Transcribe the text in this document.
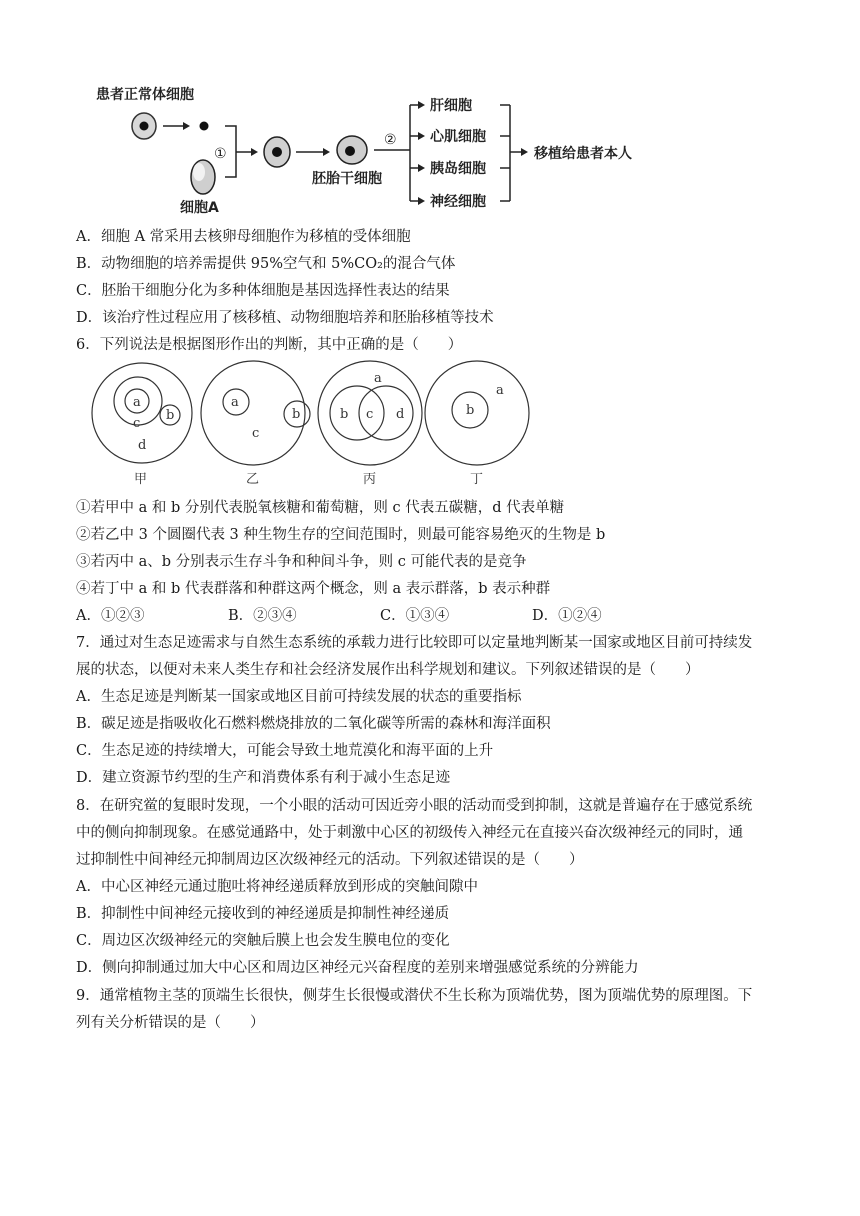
患者正常体细胞
细胞A
①
胚胎干细胞
②
肝细胞
心肌细胞
胰岛细胞
神经细胞
移植给患者本人
A．细胞 A 常采用去核卵母细胞作为移植的受体细胞
B．动物细胞的培养需提供 95%空气和 5%CO₂的混合气体
C．胚胎干细胞分化为多种体细胞是基因选择性表达的结果
D．该治疗性过程应用了核移植、动物细胞培养和胚胎移植等技术
6．下列说法是根据图形作出的判断，其中正确的是（　　）
a
b
c
d
甲
a
b
c
乙
a
b c d
丙
b
a
丁
①若甲中 a 和 b 分别代表脱氧核糖和葡萄糖，则 c 代表五碳糖，d 代表单糖
②若乙中 3 个圆圈代表 3 种生物生存的空间范围时，则最可能容易绝灭的生物是 b
③若丙中 a、b 分别表示生存斗争和种间斗争，则 c 可能代表的是竞争
④若丁中 a 和 b 代表群落和种群这两个概念，则 a 表示群落，b 表示种群
A．①②③	B．②③④	C．①③④	D．①②④
7．通过对生态足迹需求与自然生态系统的承载力进行比较即可以定量地判断某一国家或地区目前可持续发
展的状态，以便对未来人类生存和社会经济发展作出科学规划和建议。下列叙述错误的是（　　）
A．生态足迹是判断某一国家或地区目前可持续发展的状态的重要指标
B．碳足迹是指吸收化石燃料燃烧排放的二氧化碳等所需的森林和海洋面积
C．生态足迹的持续增大，可能会导致土地荒漠化和海平面的上升
D．建立资源节约型的生产和消费体系有利于减小生态足迹
8．在研究鲎的复眼时发现，一个小眼的活动可因近旁小眼的活动而受到抑制，这就是普遍存在于感觉系统
中的侧向抑制现象。在感觉通路中，处于刺激中心区的初级传入神经元在直接兴奋次级神经元的同时，通
过抑制性中间神经元抑制周边区次级神经元的活动。下列叙述错误的是（　　）
A．中心区神经元通过胞吐将神经递质释放到形成的突触间隙中
B．抑制性中间神经元接收到的神经递质是抑制性神经递质
C．周边区次级神经元的突触后膜上也会发生膜电位的变化
D．侧向抑制通过加大中心区和周边区神经元兴奋程度的差别来增强感觉系统的分辨能力
9．通常植物主茎的顶端生长很快，侧芽生长很慢或潜伏不生长称为顶端优势，图为顶端优势的原理图。下
列有关分析错误的是（　　）
